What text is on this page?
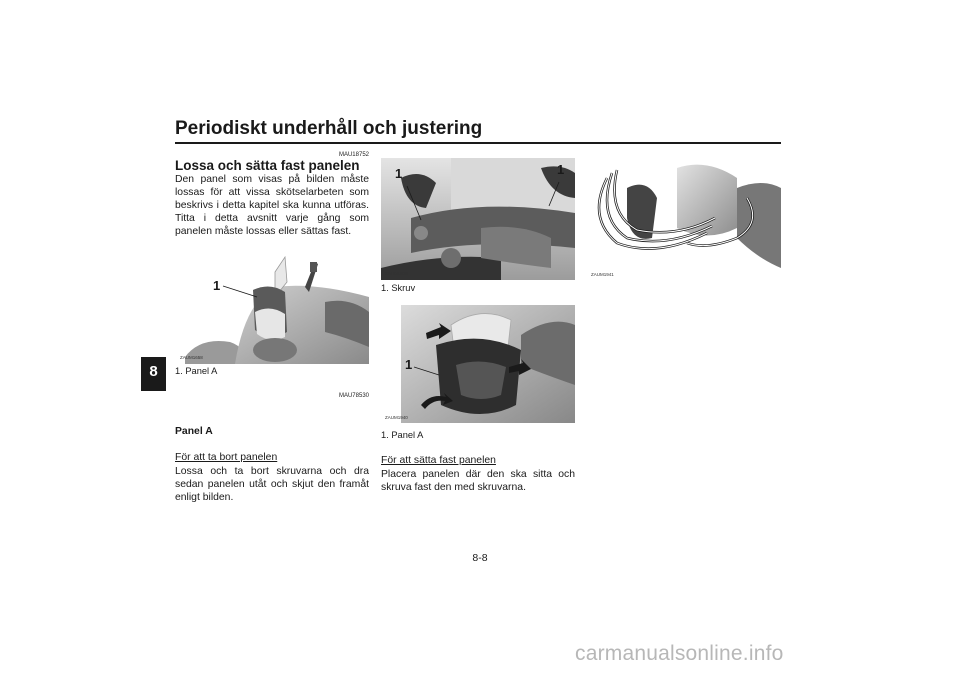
Periodiskt underhåll och justering
8
MAU18752
Lossa och sätta fast panelen
Den panel som visas på bilden måste lossas för att vissa skötselarbeten som beskrivs i detta kapitel ska kunna utföras. Titta i detta avsnitt varje gång som panelen måste lossas eller sättas fast.
1
ZAUM1658
1. Panel A
MAU78530
Panel A
För att ta bort panelen
Lossa och ta bort skruvarna och dra sedan panelen utåt och skjut den framåt enligt bilden.
1	1
ZAUM1939
1. Skruv
1
ZAUM1940
1. Panel A
För att sätta fast panelen
Placera panelen där den ska sitta och skruva fast den med skruvarna.
ZAUM1941
8-8
carmanualsonline.info
